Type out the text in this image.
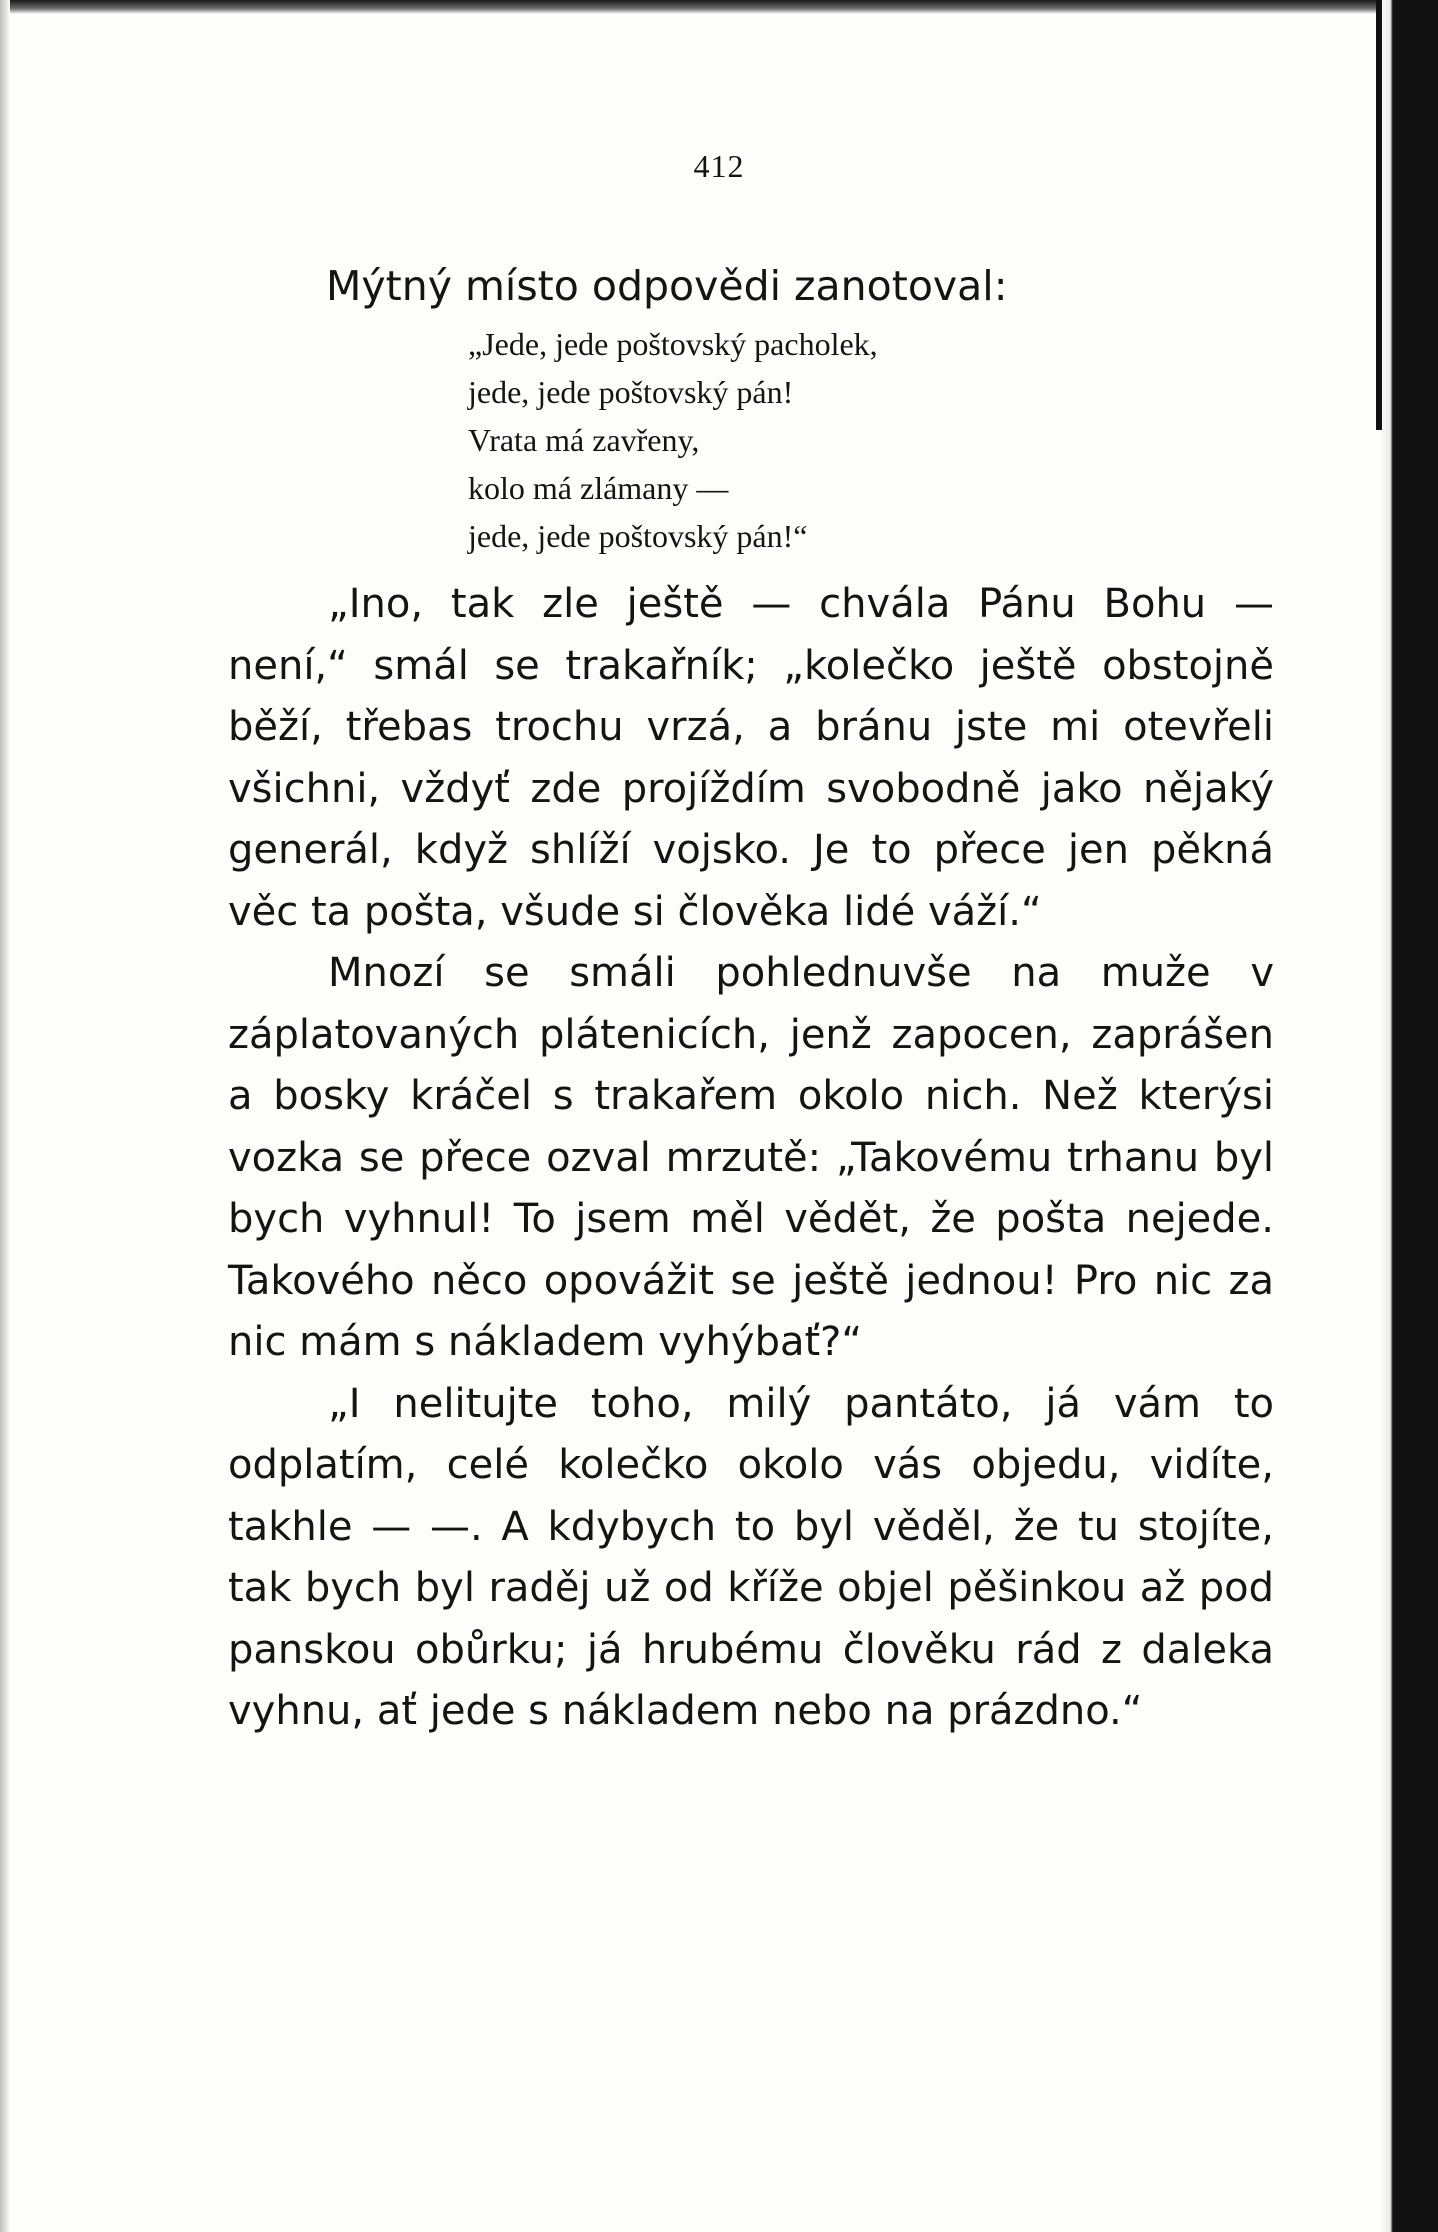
412

Mýtný místo odpovědi zanotoval:

„Jede, jede poštovský pacholek,
jede, jede poštovský pán!
Vrata má zavřeny,
kolo má zlámany —
jede, jede poštovský pán!“

„Ino, tak zle ještě — chvála Pánu Bohu — není,“ smál se trakařník; „kolečko ještě obstojně běží, třebas trochu vrzá, a bránu jste mi otevřeli všichni, vždyť zde projíždím svobodně jako nějaký generál, když shlíží vojsko. Je to přece jen pěkná věc ta pošta, všude si člověka lidé váží.“

Mnozí se smáli pohlednuvše na muže v záplatovaných plátenicích, jenž zapocen, zaprášen a bosky kráčel s trakařem okolo nich. Než kterýsi vozka se přece ozval mrzutě: „Takovému trhanu byl bych vyhnul! To jsem měl vědět, že pošta nejede. Takového něco opovážit se ještě jednou! Pro nic za nic mám s nákladem vyhýbať?“

„I nelitujte toho, milý pantáto, já vám to odplatím, celé kolečko okolo vás objedu, vidíte, takhle — —. A kdybych to byl věděl, že tu stojíte, tak bych byl raděj už od kříže objel pěšinkou až pod panskou obůrku; já hrubému člověku rád z daleka vyhnu, ať jede s nákladem nebo na prázdno.“
